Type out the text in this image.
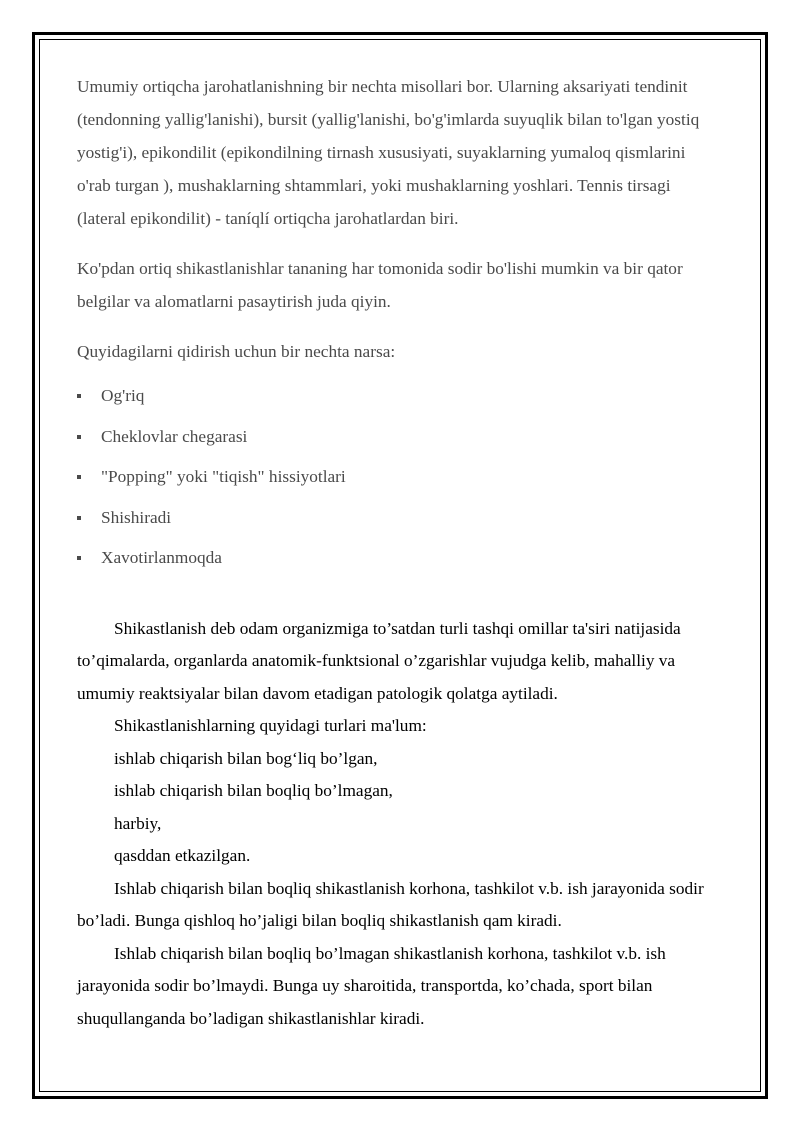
Umumiy ortiqcha jarohatlanishning bir nechta misollari bor. Ularning aksariyati tendinit (tendonning yallig'lanishi), bursit (yallig'lanishi, bo'g'imlarda suyuqlik bilan to'lgan yostiq yostig'i), epikondilit (epikondilning tirnash xususiyati, suyaklarning yumaloq qismlarini o'rab turgan ), mushaklarning shtammlari, yoki mushaklarning yoshlari. Tennis tirsagi (lateral epikondilit) - taníqlí ortiqcha jarohatlardan biri.

Ko'pdan ortiq shikastlanishlar tananing har tomonida sodir bo'lishi mumkin va bir qator belgilar va alomatlarni pasaytirish juda qiyin.

Quyidagilarni qidirish uchun bir nechta narsa:

Og'riq
Cheklovlar chegarasi
"Popping" yoki "tiqish" hissiyotlari
Shishiradi
Xavotirlanmoqda

Shikastlanish deb odam organizmiga to’satdan turli tashqi omillar ta'siri natijasida to’qimalarda, organlarda anatomik-funktsional o’zgarishlar vujudga kelib, mahalliy va umumiy reaktsiyalar bilan davom etadigan patologik qolatga aytiladi.

Shikastlanishlarning quyidagi turlari ma'lum:

ishlab chiqarish bilan bog‘liq bo’lgan,

ishlab chiqarish bilan boqliq bo’lmagan,

harbiy,

qasddan etkazilgan.

Ishlab chiqarish bilan boqliq shikastlanish korhona, tashkilot v.b. ish jarayonida sodir bo’ladi. Bunga qishloq ho’jaligi bilan boqliq shikastlanish qam kiradi.

Ishlab chiqarish bilan boqliq bo’lmagan shikastlanish korhona, tashkilot v.b. ish jarayonida sodir bo’lmaydi. Bunga uy sharoitida, transportda, ko’chada, sport bilan shuqullanganda bo’ladigan shikastlanishlar kiradi.
